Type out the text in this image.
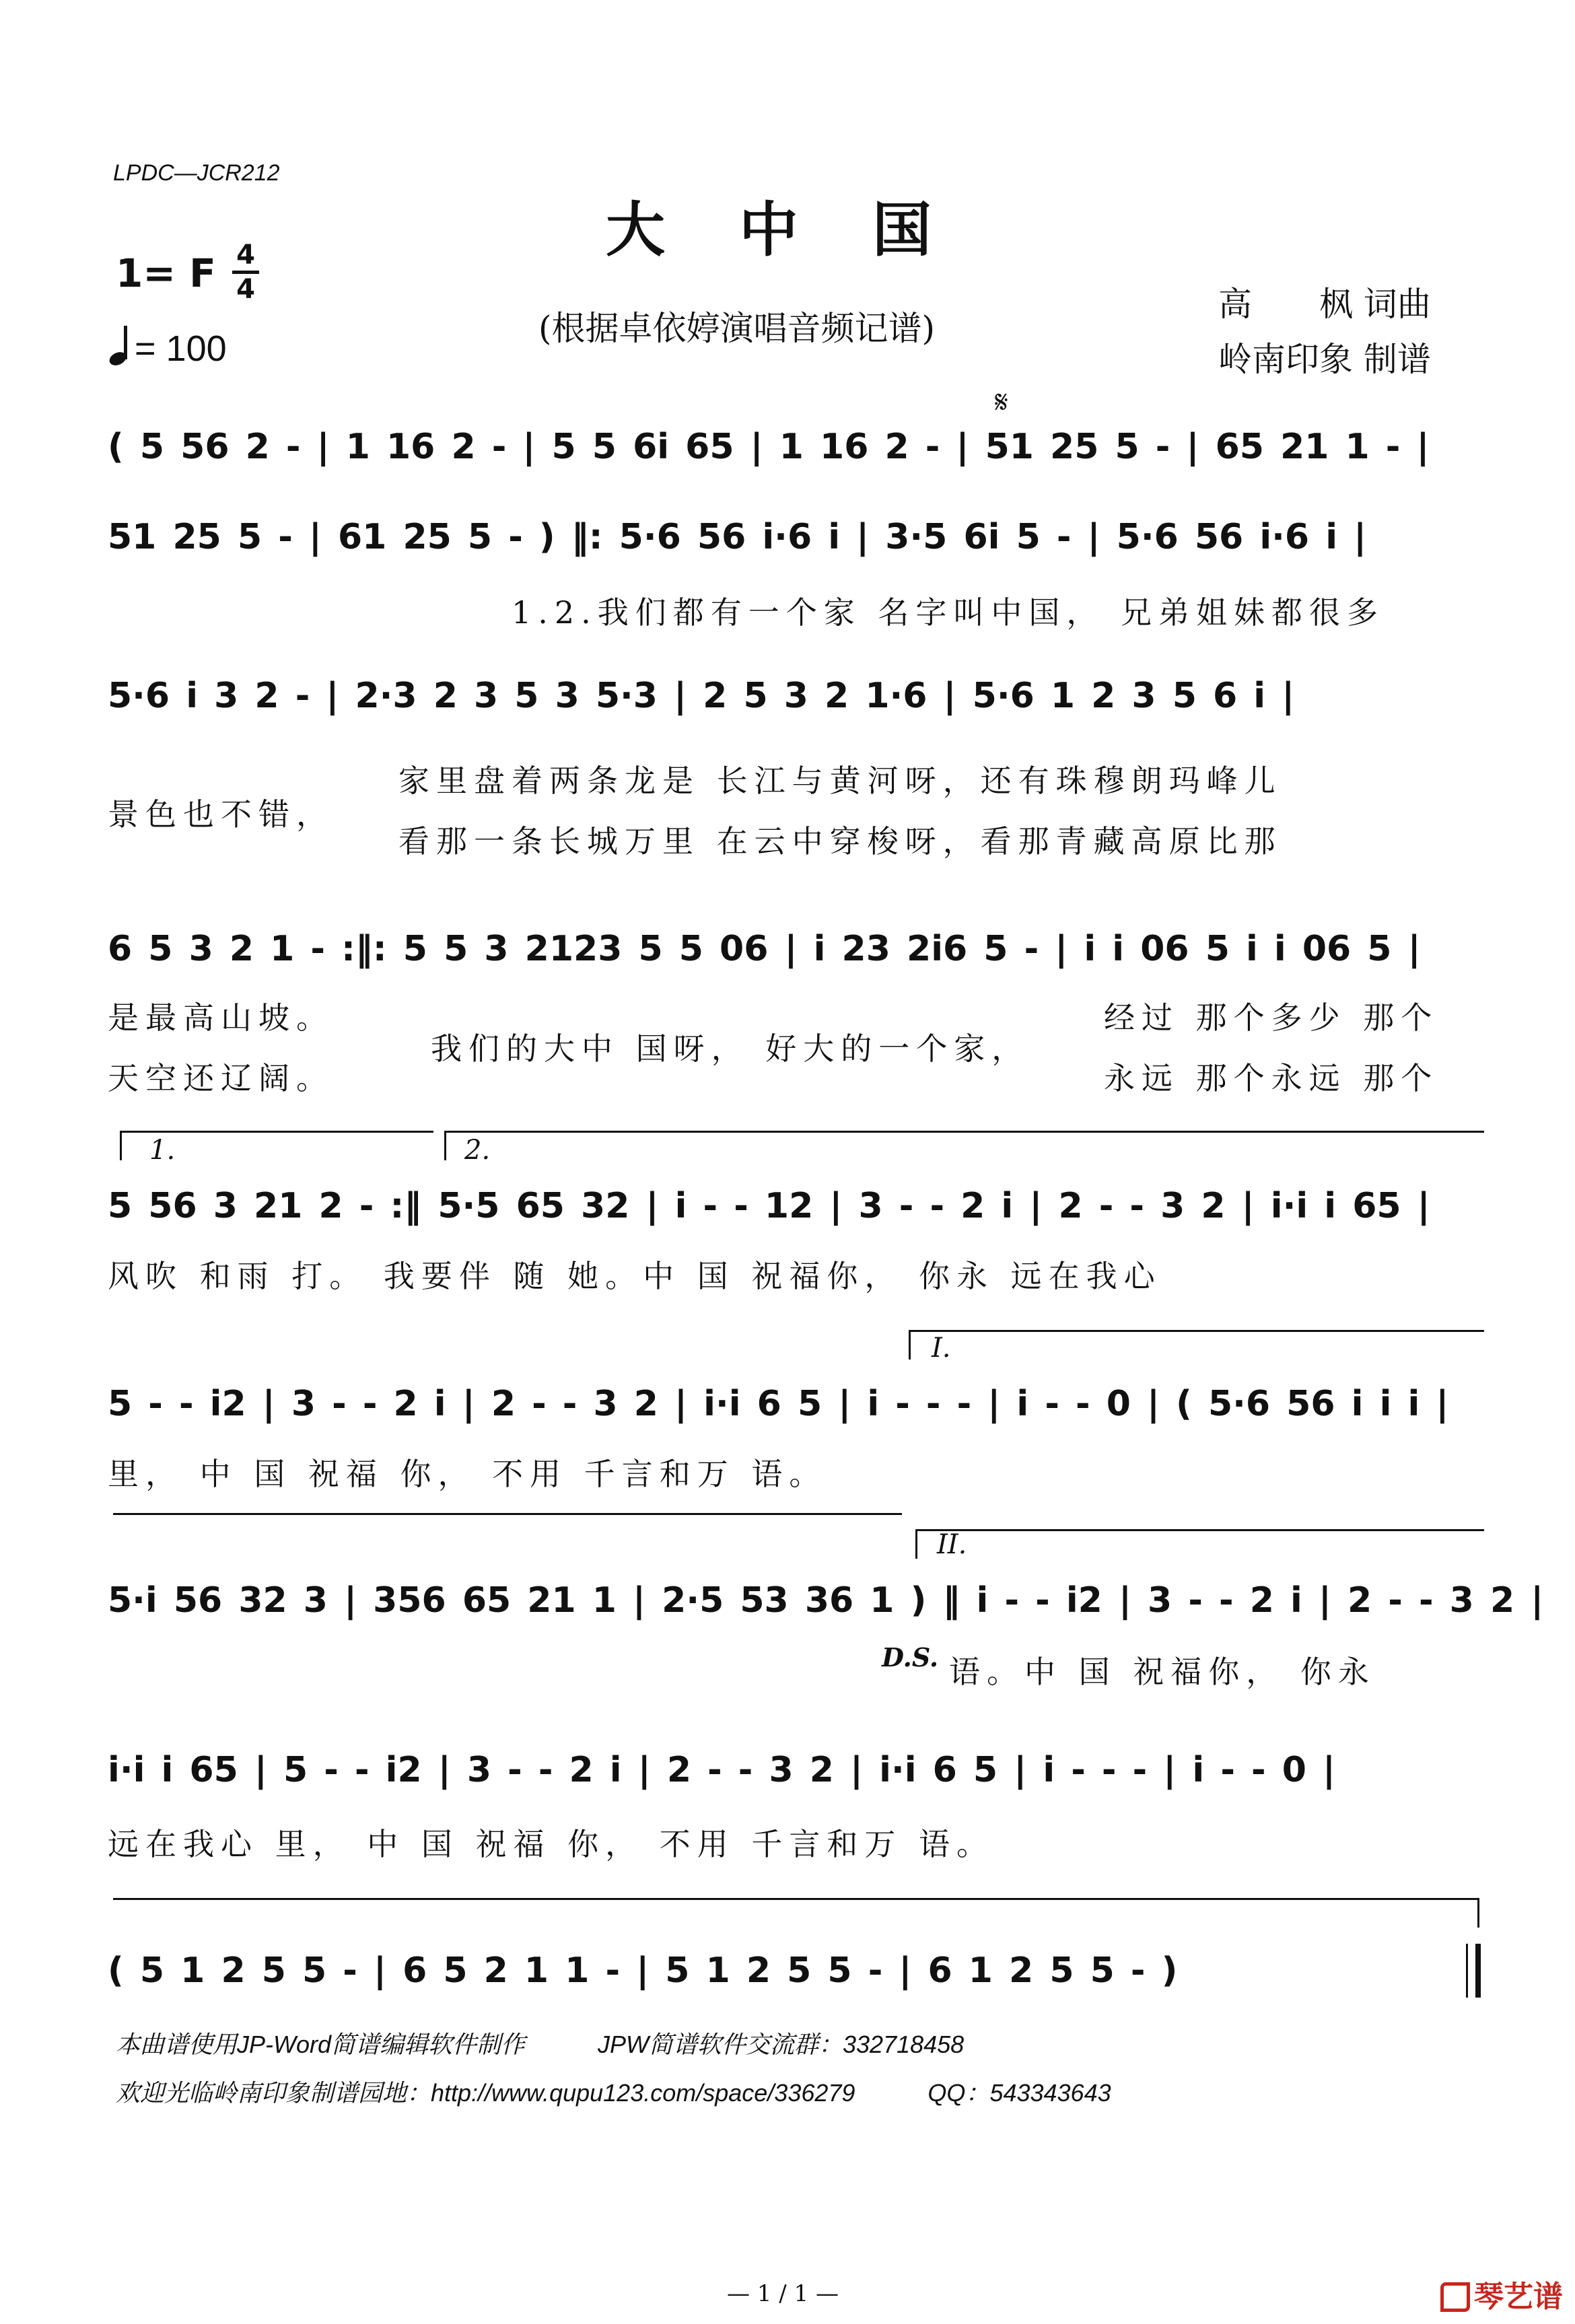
LPDC—JCR212
大中国
1= F 4
4
= 100	(根据卓依婷演唱音频记谱)
高　　枫 词曲
岭南印象 制谱
𝄋
( 5 56 2 - | 1 16 2 - | 5 5 6i 65 | 1 16 2 - | 51 25 5 - | 65 21 1 - |
51 25 5 - | 61 25 5 - ) ‖: 5·6 56 i·6 i | 3·5 6i 5 - | 5·6 56 i·6 i |
1.2.我们都有一个家 名字叫中国， 兄弟姐妹都很多
5·6 i 3 2 - | 2·3 2 3 5 3 5·3 | 2 5 3 2 1·6 | 5·6 1 2 3 5 6 i |
景色也不错，
家里盘着两条龙是 长江与黄河呀，还有珠穆朗玛峰儿
看那一条长城万里 在云中穿梭呀，看那青藏高原比那
6 5 3 2 1 - :‖: 5 5 3 2123 5 5 06 | i 23 2i6 5 - | i i 06 5 i i 06 5 |
是最高山坡。
天空还辽阔。
我们的大中 国呀， 好大的一个家，
经过 那个多少 那个
永远 那个永远 那个
1.	2.
5 56 3 21 2 - :‖ 5·5 65 32 | i - - 12 | 3 - - 2 i | 2 - - 3 2 | i·i i 65 |
风吹 和雨 打。 我要伴 随 她。中 国 祝福你， 你永 远在我心
I.
5 - - i2 | 3 - - 2 i | 2 - - 3 2 | i·i 6 5 | i - - - | i - - 0 | ( 5·6 56 i i i |
里， 中 国 祝福 你， 不用 千言和万 语。
II.
5·i 56 32 3 | 356 65 21 1 | 2·5 53 36 1 ) ‖ i - - i2 | 3 - - 2 i | 2 - - 3 2 |
D.S. 语。中 国 祝福你， 你永
i·i i 65 | 5 - - i2 | 3 - - 2 i | 2 - - 3 2 | i·i 6 5 | i - - - | i - - 0 |
远在我心 里， 中 国 祝福 你， 不用 千言和万 语。
( 5 1 2 5 5 - | 6 5 2 1 1 - | 5 1 2 5 5 - | 6 1 2 5 5 - )
本曲谱使用JP-Word简谱编辑软件制作　　　JPW简谱软件交流群：332718458
欢迎光临岭南印象制谱园地：http://www.qupu123.com/space/336279　　　QQ：543343643
— 1 / 1 —	琴艺谱
